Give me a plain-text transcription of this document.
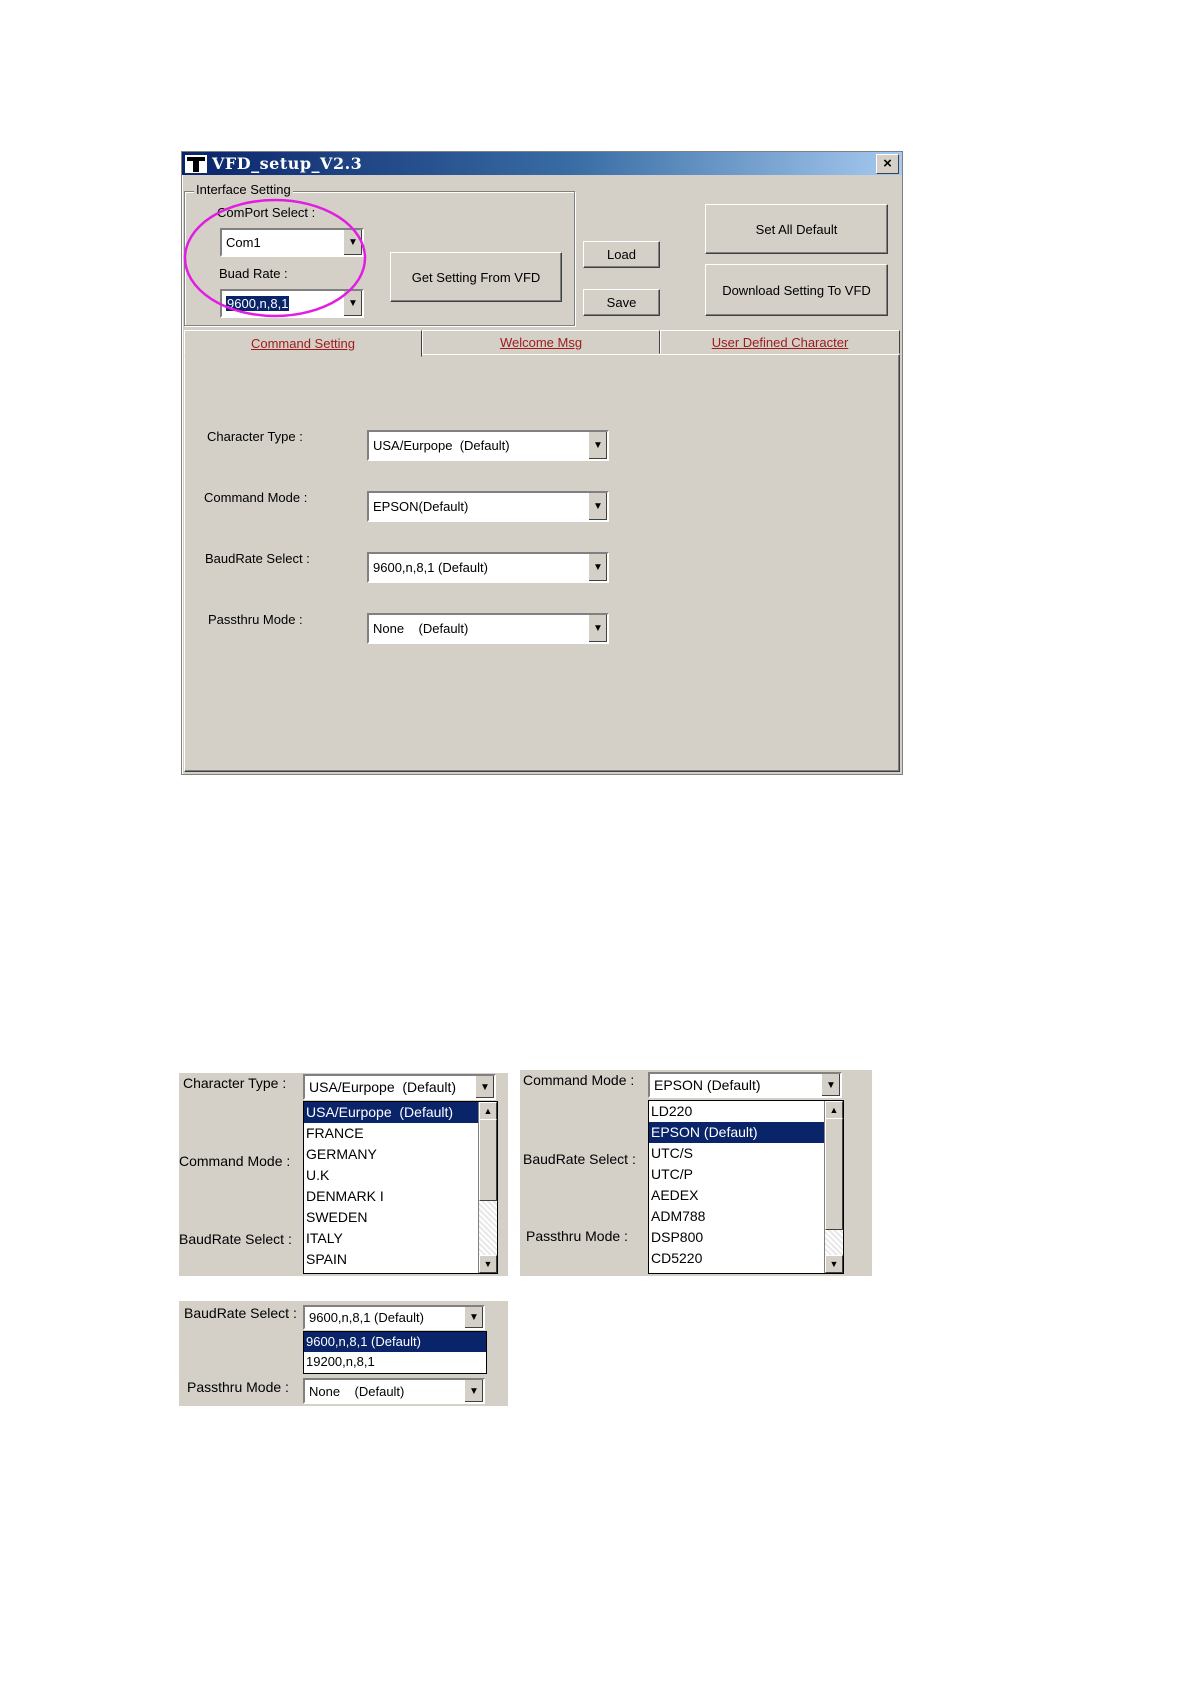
VFD_setup_V2.3	×
Interface Setting
ComPort Select :
Com1	▼
Buad Rate :
9600,n,8,1	▼
Get Setting From VFD
Load
Save
Set All Default
Download Setting To VFD
Command Setting	Welcome Msg	User Defined Character
Character Type :
USA/Eurpope  (Default)	▼
Command Mode :
EPSON(Default)	▼
BaudRate Select :
9600,n,8,1 (Default)	▼
Passthru Mode :
None    (Default)	▼
Character Type : USA/Eurpope  (Default)	▼
Command Mode :
BaudRate Select :
USA/Eurpope  (Default)
FRANCE
GERMANY
U.K
DENMARK I
SWEDEN
ITALY
SPAIN
▲
▼
Command Mode : EPSON (Default)	▼
BaudRate Select :
Passthru Mode :
LD220
EPSON (Default)
UTC/S
UTC/P
AEDEX
ADM788
DSP800
CD5220
▲
▼
BaudRate Select : 9600,n,8,1 (Default)	▼
9600,n,8,1 (Default)
19200,n,8,1
Passthru Mode : None    (Default)	▼
